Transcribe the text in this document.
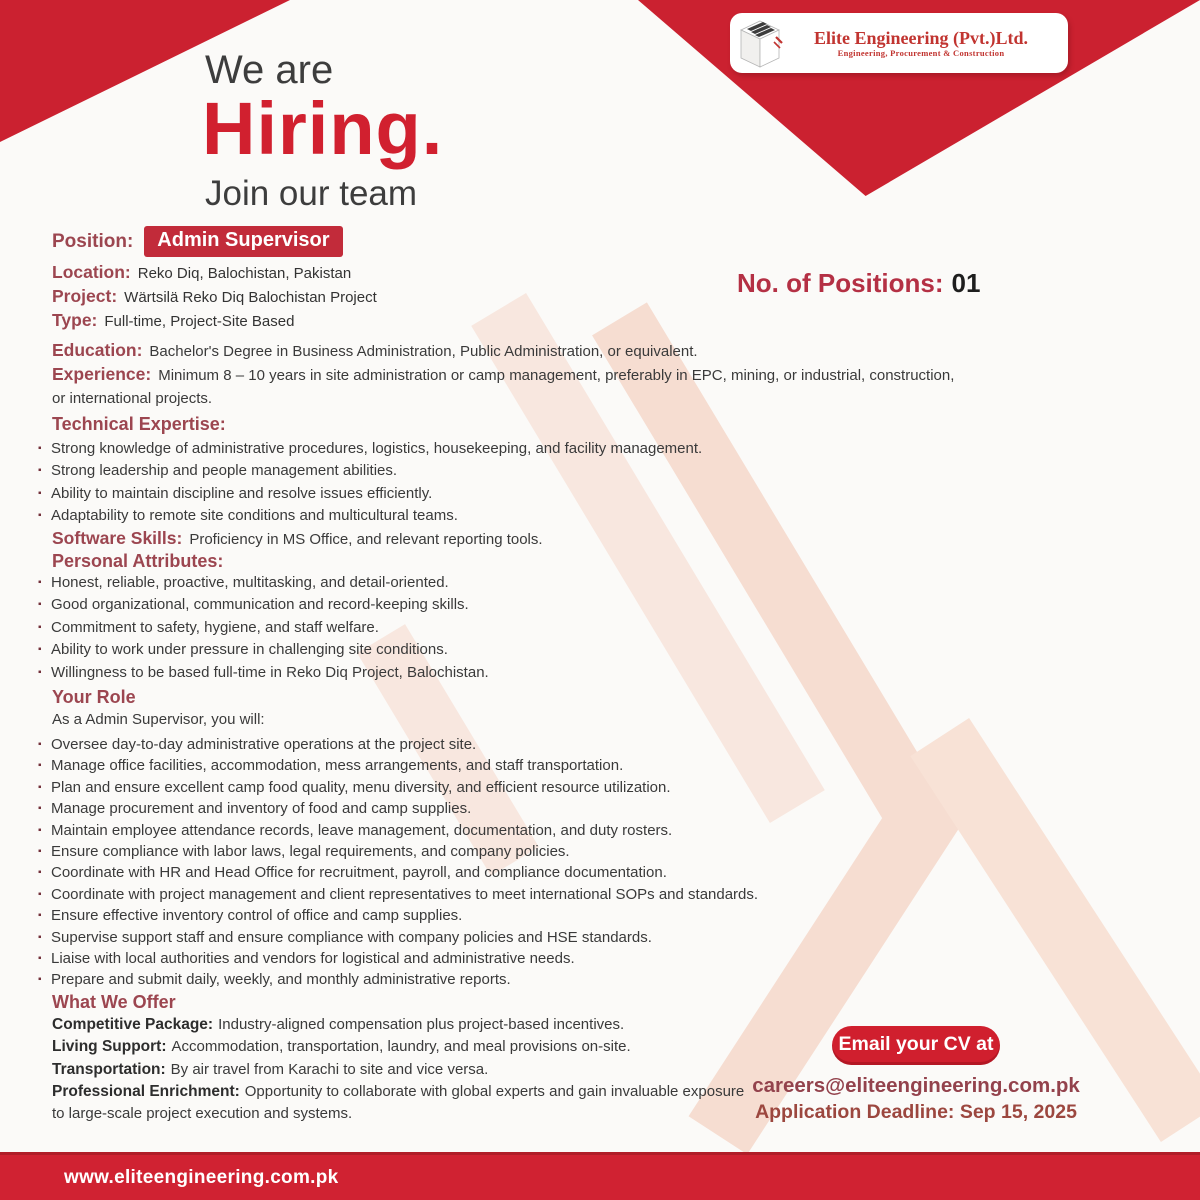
Elite Engineering (Pvt.)Ltd.
Engineering, Procurement & Construction
We are
Hiring.
Join our team
Position:	Admin Supervisor
Location: Reko Diq, Balochistan, Pakistan
Project: Wärtsilä Reko Diq Balochistan Project
Type: Full-time, Project-Site Based
No. of Positions: 01
Education: Bachelor's Degree in Business Administration, Public Administration, or equivalent.
Experience: Minimum 8 – 10 years in site administration or camp management, preferably in EPC, mining, or industrial, construction,
or international projects.
Technical Expertise:
▪ Strong knowledge of administrative procedures, logistics, housekeeping, and facility management.
▪ Strong leadership and people management abilities.
▪ Ability to maintain discipline and resolve issues efficiently.
▪ Adaptability to remote site conditions and multicultural teams.
Software Skills: Proficiency in MS Office, and relevant reporting tools.
Personal Attributes:
▪ Honest, reliable, proactive, multitasking, and detail-oriented.
▪ Good organizational, communication and record-keeping skills.
▪ Commitment to safety, hygiene, and staff welfare.
▪ Ability to work under pressure in challenging site conditions.
▪ Willingness to be based full-time in Reko Diq Project, Balochistan.
Your Role
As a Admin Supervisor, you will:
▪ Oversee day-to-day administrative operations at the project site.
▪ Manage office facilities, accommodation, mess arrangements, and staff transportation.
▪ Plan and ensure excellent camp food quality, menu diversity, and efficient resource utilization.
▪ Manage procurement and inventory of food and camp supplies.
▪ Maintain employee attendance records, leave management, documentation, and duty rosters.
▪ Ensure compliance with labor laws, legal requirements, and company policies.
▪ Coordinate with HR and Head Office for recruitment, payroll, and compliance documentation.
▪ Coordinate with project management and client representatives to meet international SOPs and standards.
▪ Ensure effective inventory control of office and camp supplies.
▪ Supervise support staff and ensure compliance with company policies and HSE standards.
▪ Liaise with local authorities and vendors for logistical and administrative needs.
▪ Prepare and submit daily, weekly, and monthly administrative reports.
What We Offer
Competitive Package: Industry-aligned compensation plus project-based incentives.
Living Support: Accommodation, transportation, laundry, and meal provisions on-site.
Transportation: By air travel from Karachi to site and vice versa.
Professional Enrichment: Opportunity to collaborate with global experts and gain invaluable exposure to large-scale project execution and systems.
Email your CV at
careers@eliteengineering.com.pk
Application Deadline: Sep 15, 2025
www.eliteengineering.com.pk
